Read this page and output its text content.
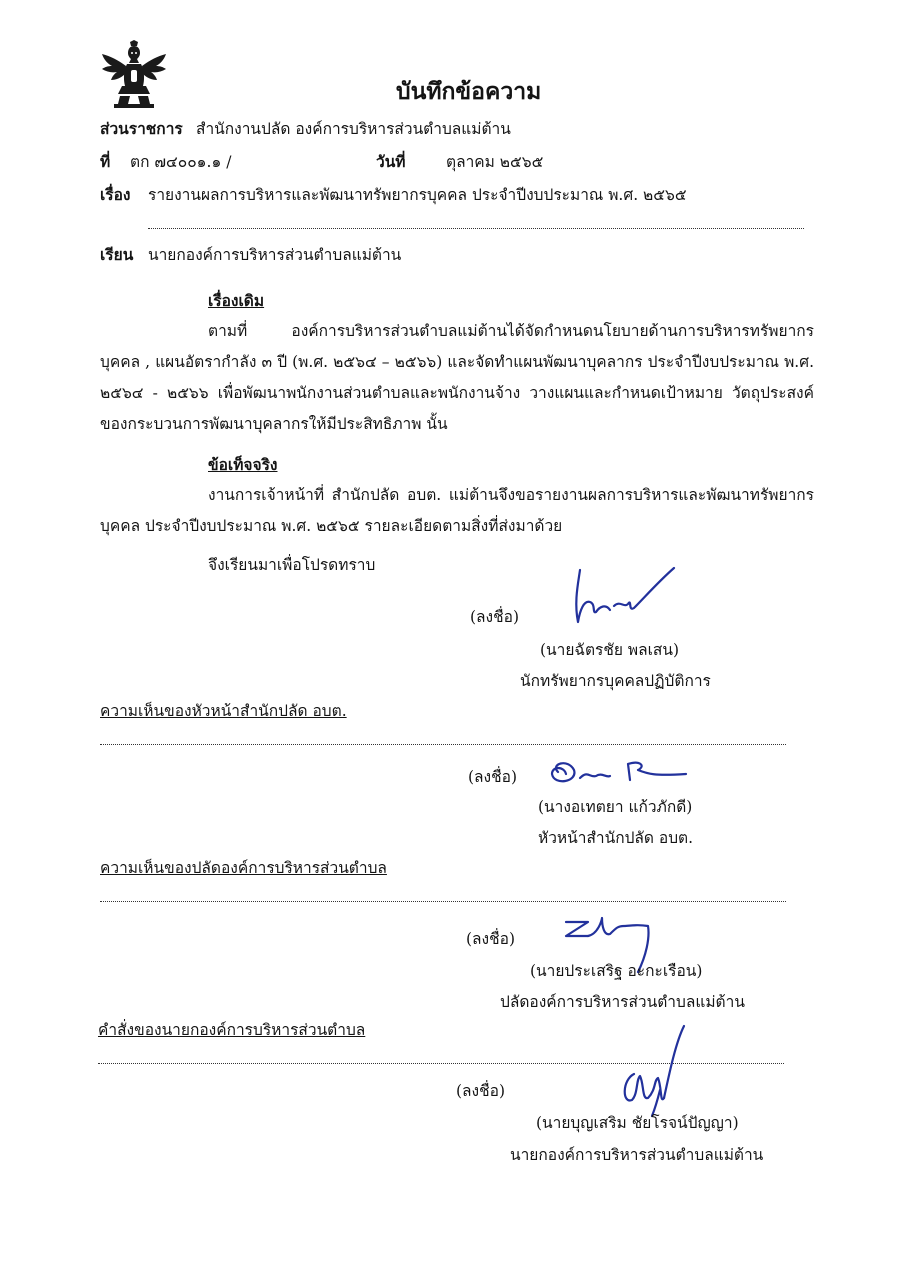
บันทึกข้อความ
ส่วนราชการ สำนักงานปลัด องค์การบริหารส่วนตำบลแม่ต้าน
ที่ ตก ๗๔๐๐๑.๑ /	วันที่	ตุลาคม ๒๕๖๕
เรื่อง รายงานผลการบริหารและพัฒนาทรัพยากรบุคคล ประจำปีงบประมาณ พ.ศ. ๒๕๖๕
เรียน นายกองค์การบริหารส่วนตำบลแม่ต้าน
เรื่องเดิม
ตามที่ องค์การบริหารส่วนตำบลแม่ต้านได้จัดกำหนดนโยบายด้านการบริหารทรัพยากรบุคคล , แผนอัตรากำลัง ๓ ปี (พ.ศ. ๒๕๖๔ – ๒๕๖๖) และจัดทำแผนพัฒนาบุคลากร ประจำปีงบประมาณ พ.ศ. ๒๕๖๔ - ๒๕๖๖ เพื่อพัฒนาพนักงานส่วนตำบลและพนักงานจ้าง วางแผนและกำหนดเป้าหมาย วัตถุประสงค์ของกระบวนการพัฒนาบุคลากรให้มีประสิทธิภาพ นั้น
ข้อเท็จจริง
งานการเจ้าหน้าที่ สำนักปลัด อบต. แม่ต้านจึงขอรายงานผลการบริหารและพัฒนาทรัพยากรบุคคล ประจำปีงบประมาณ พ.ศ. ๒๕๖๕ รายละเอียดตามสิ่งที่ส่งมาด้วย
จึงเรียนมาเพื่อโปรดทราบ
(ลงชื่อ)
(นายฉัตรชัย พลเสน)
นักทรัพยากรบุคคลปฏิบัติการ
ความเห็นของหัวหน้าสำนักปลัด อบต.
(ลงชื่อ)
(นางอเทตยา แก้วภักดี)
หัวหน้าสำนักปลัด อบต.
ความเห็นของปลัดองค์การบริหารส่วนตำบล
(ลงชื่อ)
(นายประเสริฐ อะกะเรือน)
ปลัดองค์การบริหารส่วนตำบลแม่ต้าน
คำสั่งของนายกองค์การบริหารส่วนตำบล
(ลงชื่อ)
(นายบุญเสริม ชัยโรจน์ปัญญา)
นายกองค์การบริหารส่วนตำบลแม่ต้าน
